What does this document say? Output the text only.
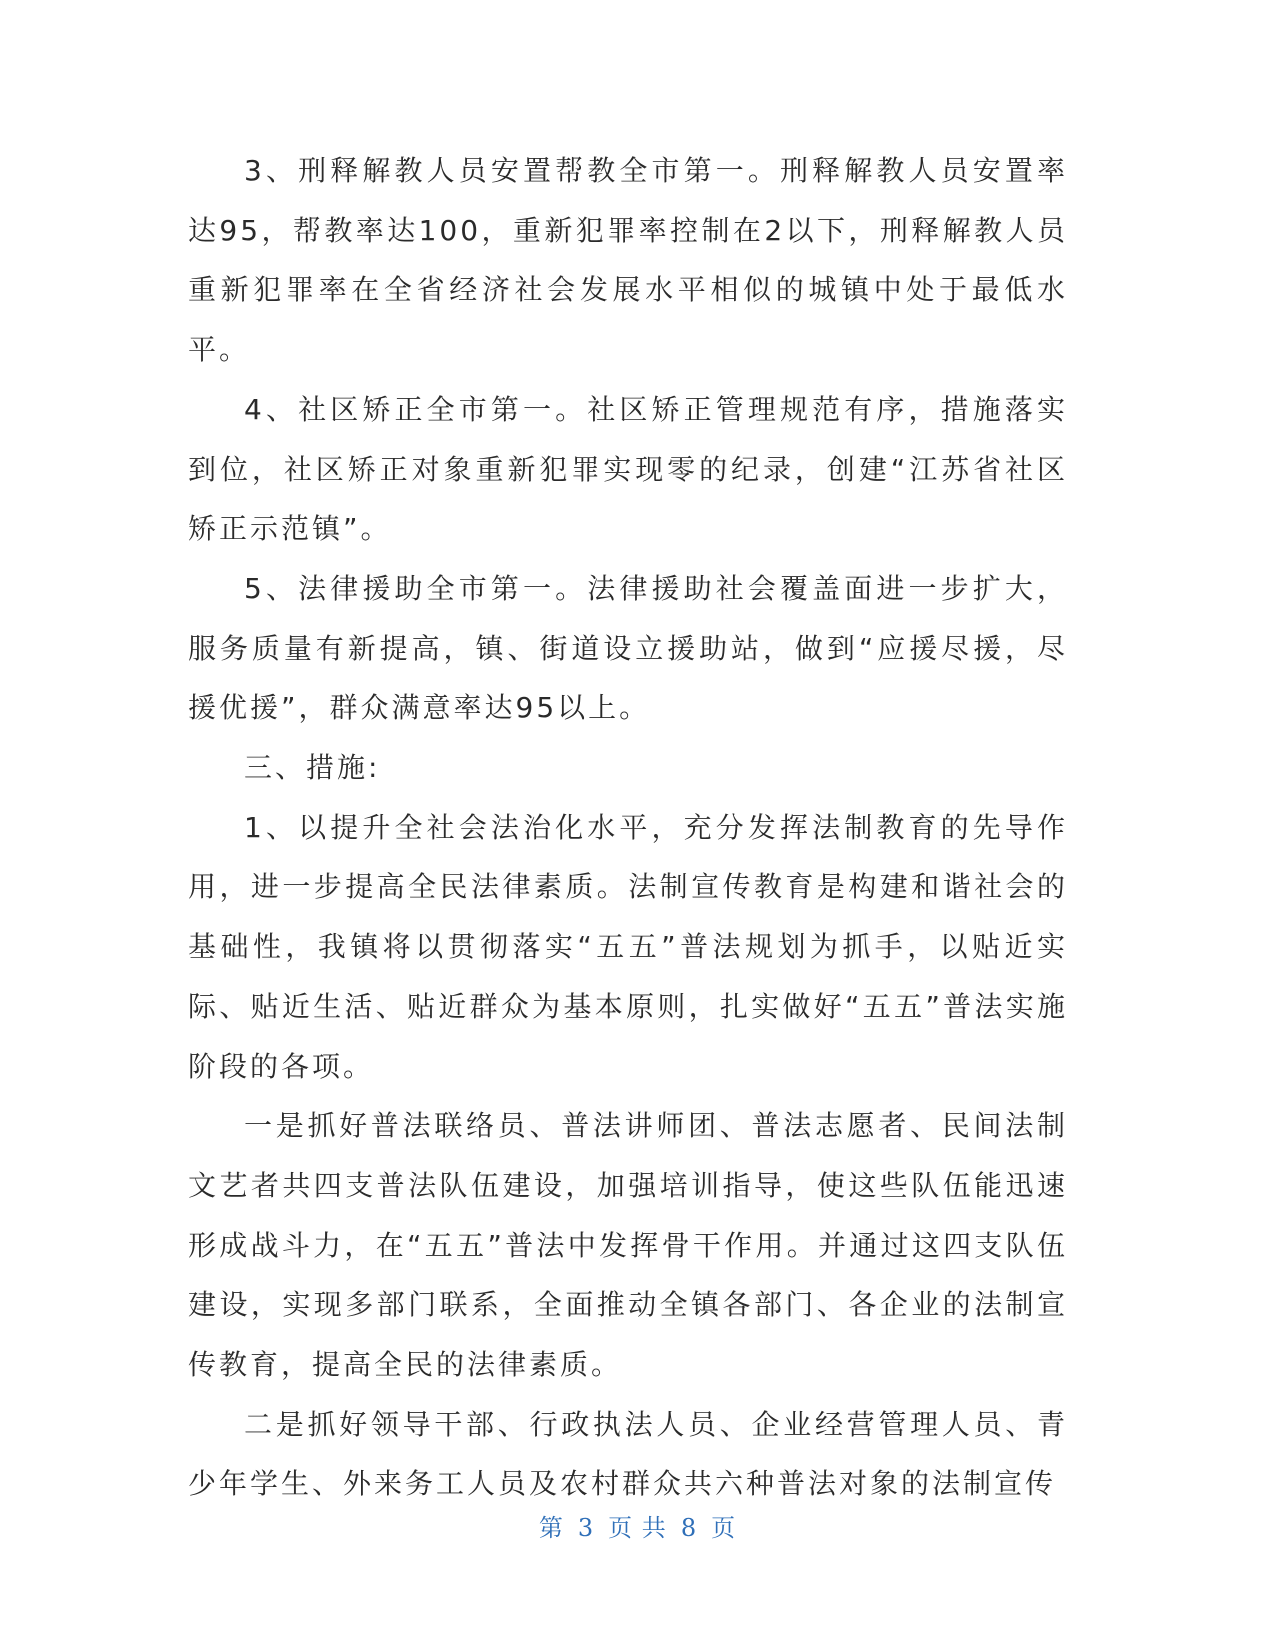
3、刑释解教人员安置帮教全市第一。刑释解教人员安置率达95，帮教率达100，重新犯罪率控制在2以下，刑释解教人员重新犯罪率在全省经济社会发展水平相似的城镇中处于最低水平。

4、社区矫正全市第一。社区矫正管理规范有序，措施落实到位，社区矫正对象重新犯罪实现零的纪录，创建“江苏省社区矫正示范镇”。

5、法律援助全市第一。法律援助社会覆盖面进一步扩大，服务质量有新提高，镇、街道设立援助站，做到“应援尽援，尽援优援”，群众满意率达95以上。

三、措施:

1、以提升全社会法治化水平，充分发挥法制教育的先导作用，进一步提高全民法律素质。法制宣传教育是构建和谐社会的基础性，我镇将以贯彻落实“五五”普法规划为抓手，以贴近实际、贴近生活、贴近群众为基本原则，扎实做好“五五”普法实施阶段的各项。

一是抓好普法联络员、普法讲师团、普法志愿者、民间法制文艺者共四支普法队伍建设，加强培训指导，使这些队伍能迅速形成战斗力，在“五五”普法中发挥骨干作用。并通过这四支队伍建设，实现多部门联系，全面推动全镇各部门、各企业的法制宣传教育，提高全民的法律素质。

二是抓好领导干部、行政执法人员、企业经营管理人员、青少年学生、外来务工人员及农村群众共六种普法对象的法制宣传

第 3 页 共 8 页
